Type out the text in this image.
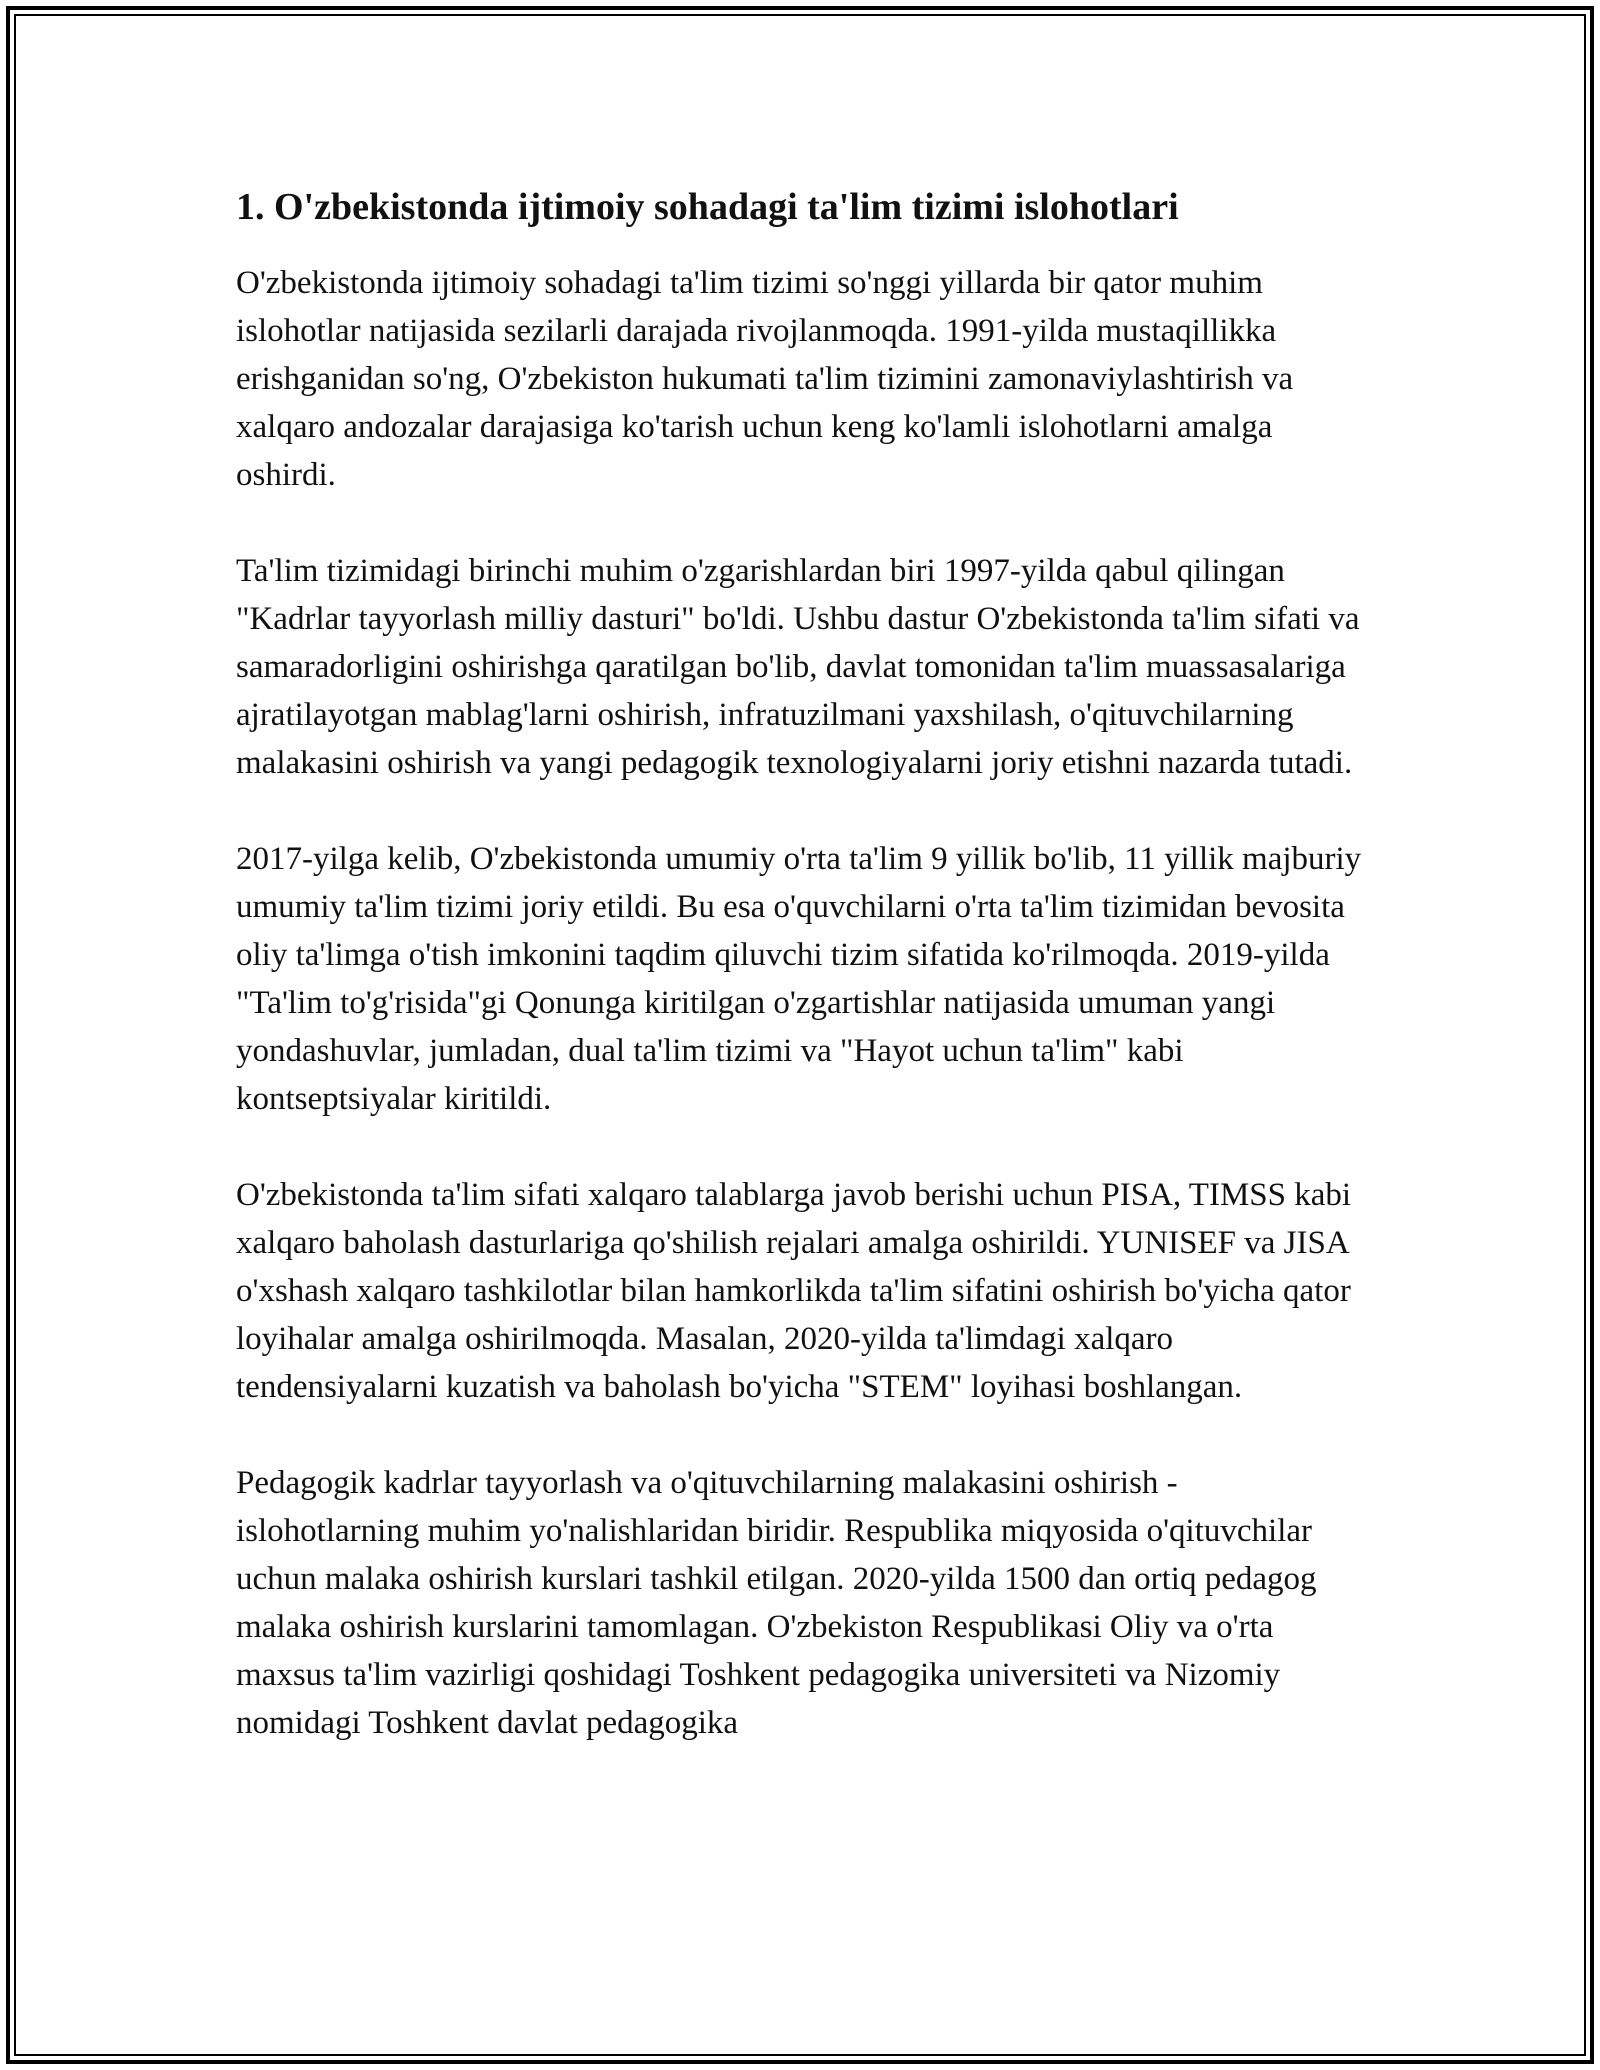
1. O'zbekistonda ijtimoiy sohadagi ta'lim tizimi islohotlari

O'zbekistonda ijtimoiy sohadagi ta'lim tizimi so'nggi yillarda bir qator muhim islohotlar natijasida sezilarli darajada rivojlanmoqda. 1991-yilda mustaqillikka erishganidan so'ng, O'zbekiston hukumati ta'lim tizimini zamonaviylashtirish va xalqaro andozalar darajasiga ko'tarish uchun keng ko'lamli islohotlarni amalga oshirdi.

Ta'lim tizimidagi birinchi muhim o'zgarishlardan biri 1997-yilda qabul qilingan "Kadrlar tayyorlash milliy dasturi" bo'ldi. Ushbu dastur O'zbekistonda ta'lim sifati va samaradorligini oshirishga qaratilgan bo'lib, davlat tomonidan ta'lim muassasalariga ajratilayotgan mablag'larni oshirish, infratuzilmani yaxshilash, o'qituvchilarning malakasini oshirish va yangi pedagogik texnologiyalarni joriy etishni nazarda tutadi.

2017-yilga kelib, O'zbekistonda umumiy o'rta ta'lim 9 yillik bo'lib, 11 yillik majburiy umumiy ta'lim tizimi joriy etildi. Bu esa o'quvchilarni o'rta ta'lim tizimidan bevosita oliy ta'limga o'tish imkonini taqdim qiluvchi tizim sifatida ko'rilmoqda. 2019-yilda "Ta'lim to'g'risida"gi Qonunga kiritilgan o'zgartishlar natijasida umuman yangi yondashuvlar, jumladan, dual ta'lim tizimi va "Hayot uchun ta'lim" kabi kontseptsiyalar kiritildi.

O'zbekistonda ta'lim sifati xalqaro talablarga javob berishi uchun PISA, TIMSS kabi xalqaro baholash dasturlariga qo'shilish rejalari amalga oshirildi. YUNISEF va JISA o'xshash xalqaro tashkilotlar bilan hamkorlikda ta'lim sifatini oshirish bo'yicha qator loyihalar amalga oshirilmoqda. Masalan, 2020-yilda ta'limdagi xalqaro tendensiyalarni kuzatish va baholash bo'yicha "STEM" loyihasi boshlangan.

Pedagogik kadrlar tayyorlash va o'qituvchilarning malakasini oshirish - islohotlarning muhim yo'nalishlaridan biridir. Respublika miqyosida o'qituvchilar uchun malaka oshirish kurslari tashkil etilgan. 2020-yilda 1500 dan ortiq pedagog malaka oshirish kurslarini tamomlagan. O'zbekiston Respublikasi Oliy va o'rta maxsus ta'lim vazirligi qoshidagi Toshkent pedagogika universiteti va Nizomiy nomidagi Toshkent davlat pedagogika
